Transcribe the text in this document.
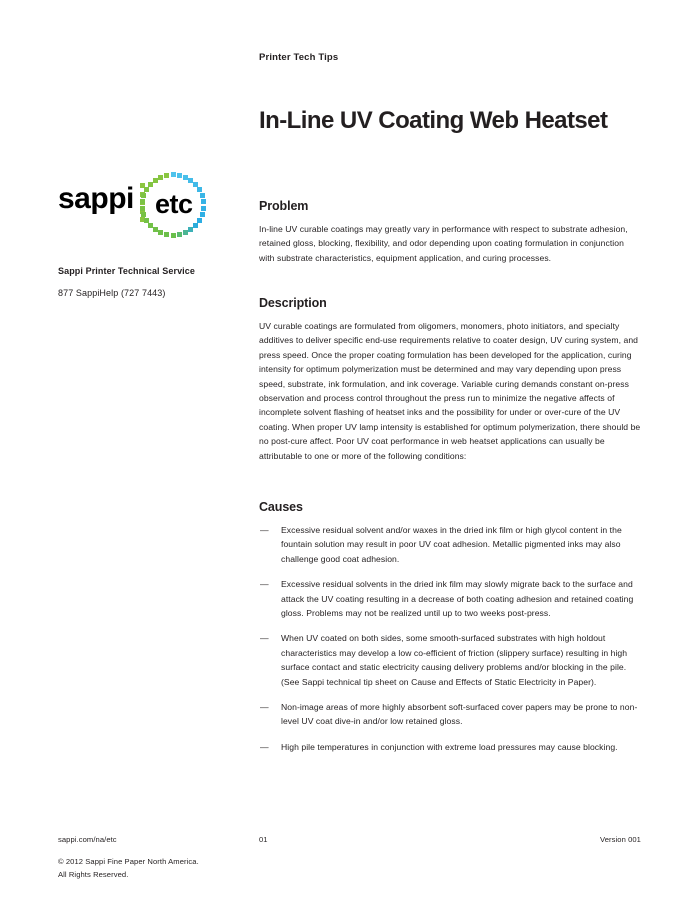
sappi etc
Sappi Printer Technical Service
877 SappiHelp (727 7443)
Printer Tech Tips
In-Line UV Coating Web Heatset
Problem

In-line UV curable coatings may greatly vary in performance with respect to substrate adhesion, retained gloss, blocking, flexibility, and odor depending upon coating formulation in conjunction with substrate characteristics, equipment application, and curing processes.

Description

UV curable coatings are formulated from oligomers, monomers, photo initiators, and specialty additives to deliver specific end-use requirements relative to coater design, UV curing system, and press speed. Once the proper coating formulation has been developed for the application, curing intensity for optimum polymerization must be determined and may vary depending upon press speed, substrate, ink formulation, and ink coverage. Variable curing demands constant on-press observation and process control throughout the press run to minimize the negative affects of incomplete solvent flashing of heatset inks and the possibility for under or over-cure of the UV coating. When proper UV lamp intensity is established for optimum polymerization, there should be no post-cure affect. Poor UV coat performance in web heatset applications can usually be attributable to one or more of the following conditions:

Causes
—	Excessive residual solvent and/or waxes in the dried ink film or high glycol content in the fountain solution may result in poor UV coat adhesion. Metallic pigmented inks may also challenge good coat adhesion.
—	Excessive residual solvents in the dried ink film may slowly migrate back to the surface and attack the UV coating resulting in a decrease of both coating adhesion and retained coating gloss. Problems may not be realized until up to two weeks post-press.
—	When UV coated on both sides, some smooth-surfaced substrates with high holdout characteristics may develop a low co-efficient of friction (slippery surface) resulting in high surface contact and static electricity causing delivery problems and/or blocking in the pile. (See Sappi technical tip sheet on Cause and Effects of Static Electricity in Paper).
—	Non-image areas of more highly absorbent soft-surfaced cover papers may be prone to non-level UV coat dive-in and/or low retained gloss.
—	High pile temperatures in conjunction with extreme load pressures may cause blocking.
sappi.com/na/etc	01	Version 001
© 2012 Sappi Fine Paper North America.
All Rights Reserved.
